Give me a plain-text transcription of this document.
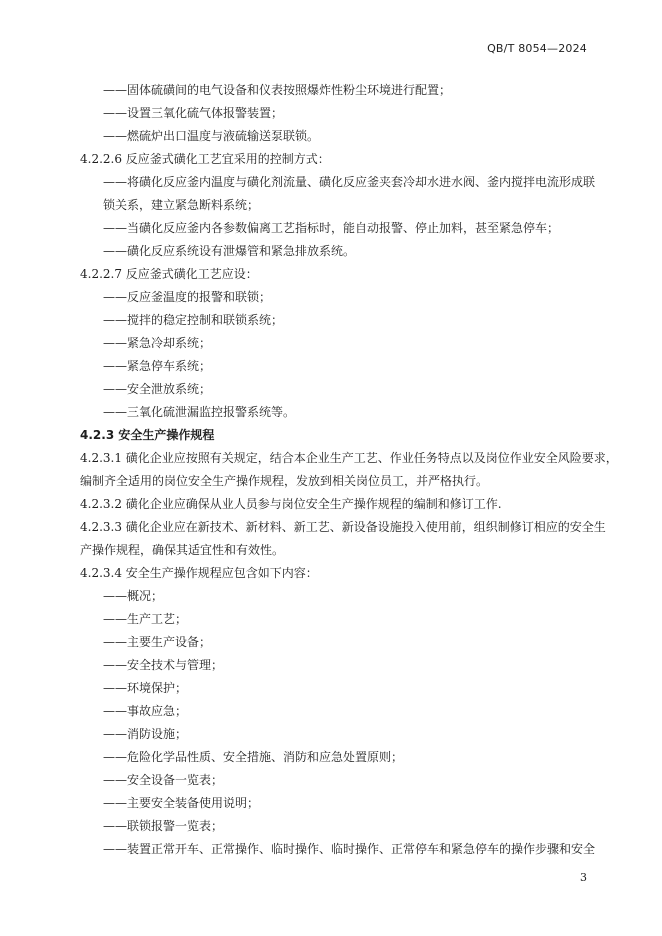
QB/T 8054—2024
——固体硫磺间的电气设备和仪表按照爆炸性粉尘环境进行配置；
——设置三氧化硫气体报警装置；
——燃硫炉出口温度与液硫输送泵联锁。
4.2.2.6 反应釜式磺化工艺宜采用的控制方式：
——将磺化反应釜内温度与磺化剂流量、磺化反应釜夹套冷却水进水阀、釜内搅拌电流形成联
锁关系，建立紧急断料系统；
——当磺化反应釜内各参数偏离工艺指标时，能自动报警、停止加料，甚至紧急停车；
——磺化反应系统设有泄爆管和紧急排放系统。
4.2.2.7 反应釜式磺化工艺应设：
——反应釜温度的报警和联锁；
——搅拌的稳定控制和联锁系统；
——紧急冷却系统；
——紧急停车系统；
——安全泄放系统；
——三氧化硫泄漏监控报警系统等。
4.2.3 安全生产操作规程
4.2.3.1 磺化企业应按照有关规定，结合本企业生产工艺、作业任务特点以及岗位作业安全风险要求，
编制齐全适用的岗位安全生产操作规程，发放到相关岗位员工，并严格执行。
4.2.3.2 磺化企业应确保从业人员参与岗位安全生产操作规程的编制和修订工作.
4.2.3.3 磺化企业应在新技术、新材料、新工艺、新设备设施投入使用前，组织制修订相应的安全生
产操作规程，确保其适宜性和有效性。
4.2.3.4 安全生产操作规程应包含如下内容：
——概况；
——生产工艺；
——主要生产设备；
——安全技术与管理；
——环境保护；
——事故应急；
——消防设施；
——危险化学品性质、安全措施、消防和应急处置原则；
——安全设备一览表；
——主要安全装备使用说明；
——联锁报警一览表；
——装置正常开车、正常操作、临时操作、临时操作、正常停车和紧急停车的操作步骤和安全
3
